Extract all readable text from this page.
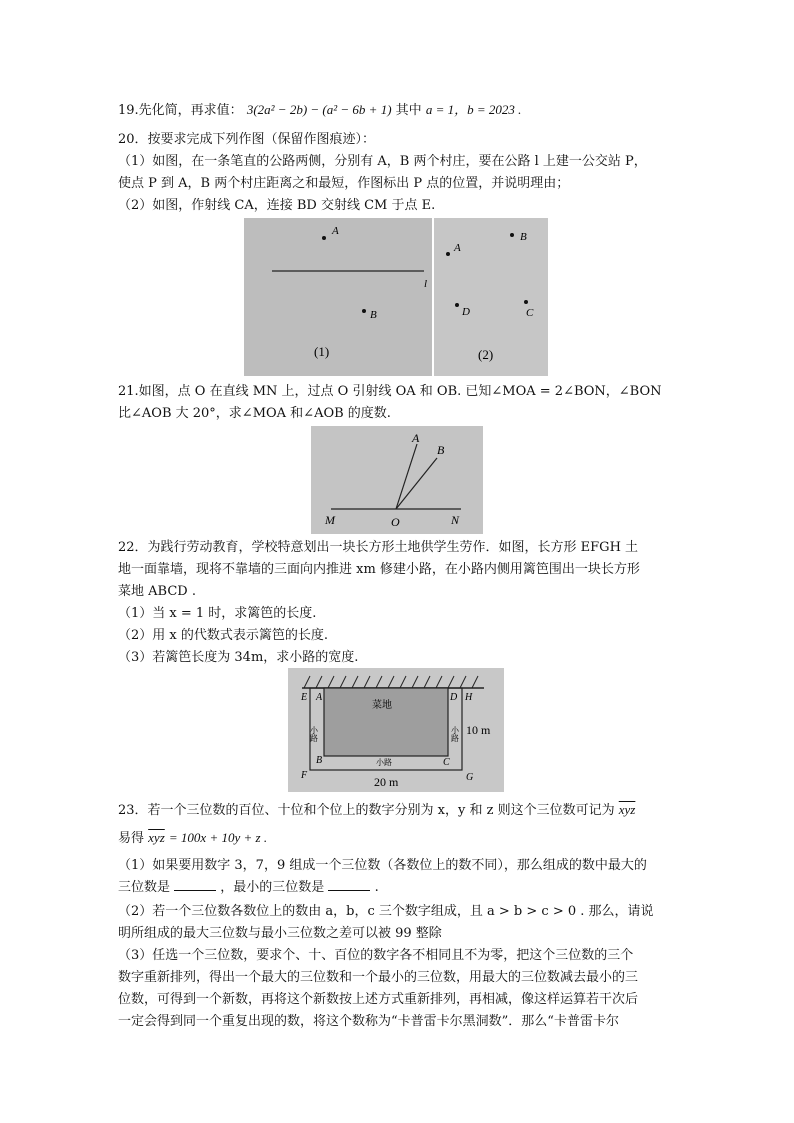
19.先化简，再求值： 3(2a² − 2b) − (a² − 6b + 1) 其中 a = 1，b = 2023 .
20．按要求完成下列作图（保留作图痕迹）：
（1）如图，在一条笔直的公路两侧，分别有 A，B 两个村庄，要在公路 l 上建一公交站 P，
使点 P 到 A，B 两个村庄距离之和最短，作图标出 P 点的位置，并说明理由；
（2）如图，作射线 CA，连接 BD 交射线 CM 于点 E.
A
l
B
(1)
A
B
D	C
(2)
21.如图，点 O 在直线 MN 上，过点 O 引射线 OA 和 OB. 已知∠MOA = 2∠BON，∠BON
比∠AOB 大 20°，求∠MOA 和∠AOB 的度数.
A
B
M	O	N
22．为践行劳动教育，学校特意划出一块长方形土地供学生劳作．如图，长方形 EFGH 土
地一面靠墙，现将不靠墙的三面向内推进 xm 修建小路，在小路内侧用篱笆围出一块长方形
菜地 ABCD .
（1）当 x = 1 时，求篱笆的长度.
（2）用 x 的代数式表示篱笆的长度.
（3）若篱笆长度为 34m，求小路的宽度.
E A	D H
B	C
F	G
菜地
小路	小路
小路
10 m
20 m
23．若一个三位数的百位、十位和个位上的数字分别为 x，y 和 z 则这个三位数可记为 $\overline{xyz}$
易得 $\overline{xyz} = 100x + 10y + z$ .
（1）如果要用数字 3，7，9 组成一个三位数（各数位上的数不同），那么组成的数中最大的
三位数是	，最小的三位数是	.
（2）若一个三位数各数位上的数由 a，b，c 三个数字组成，且 a > b > c > 0 . 那么，请说
明所组成的最大三位数与最小三位数之差可以被 99 整除
（3）任选一个三位数，要求个、十、百位的数字各不相同且不为零，把这个三位数的三个
数字重新排列，得出一个最大的三位数和一个最小的三位数，用最大的三位数减去最小的三
位数，可得到一个新数，再将这个新数按上述方式重新排列，再相减，像这样运算若干次后
一定会得到同一个重复出现的数，将这个数称为“卡普雷卡尔黑洞数”．那么“卡普雷卡尔
